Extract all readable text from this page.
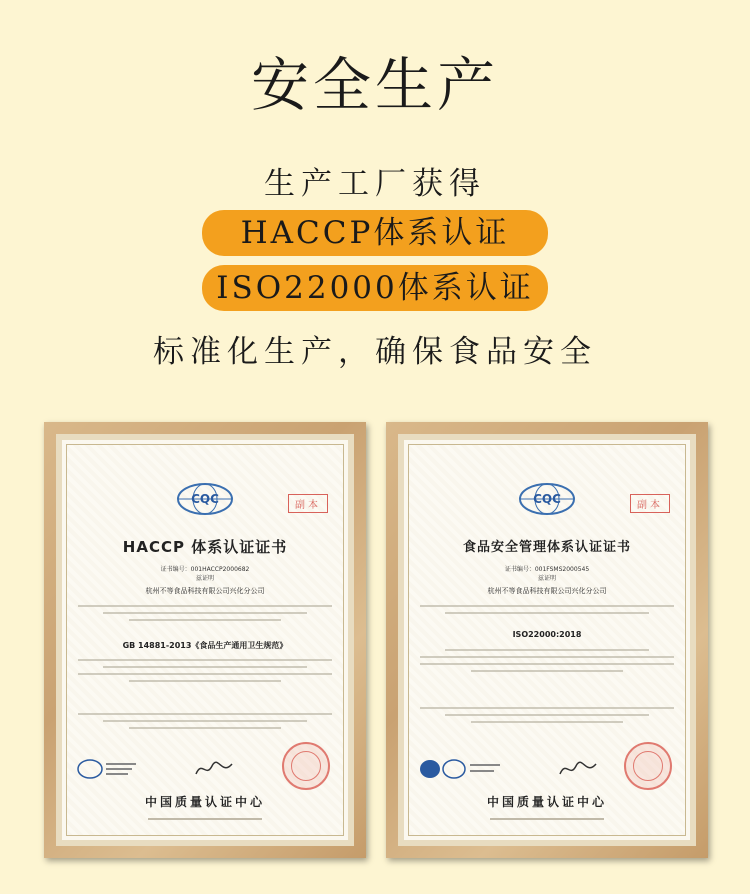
安全生产
生产工厂获得
HACCP体系认证
ISO22000体系认证
标准化生产，确保食品安全
CQC	副本
HACCP 体系认证证书
证书编号：001HACCP2000682
兹证明
杭州不等食品科技有限公司兴化分公司
GB 14881-2013《食品生产通用卫生规范》
中国质量认证中心
CQC	副本
食品安全管理体系认证证书
证书编号：001FSMS2000545
兹证明
杭州不等食品科技有限公司兴化分公司
ISO22000:2018
中国质量认证中心
